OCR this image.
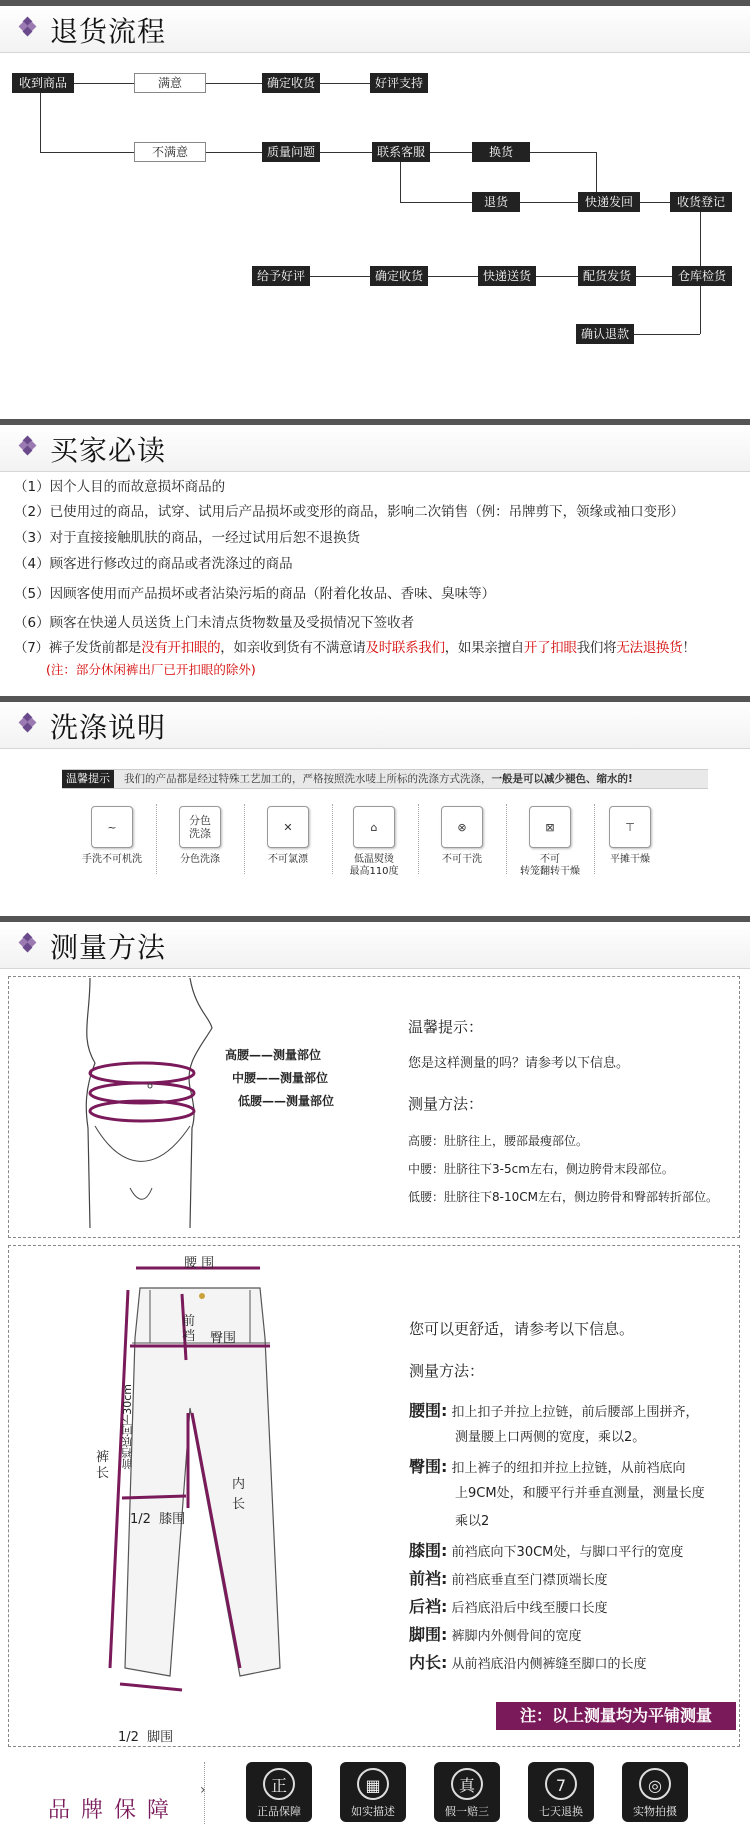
退货流程
收到商品	满意	确定收货	好评支持
不满意	质量问题	联系客服	换货
退货	快递发回	收货登记
给予好评	确定收货	快递送货	配货发货	仓库检货
确认退款
买家必读
（1）因个人目的而故意损坏商品的
（2）已使用过的商品，试穿、试用后产品损坏或变形的商品，影响二次销售（例：吊牌剪下，领缘或袖口变形）
（3）对于直接接触肌肤的商品，一经过试用后恕不退换货
（4）顾客进行修改过的商品或者洗涤过的商品
（5）因顾客使用而产品损坏或者沾染污垢的商品（附着化妆品、香味、臭味等）
（6）顾客在快递人员送货上门未清点货物数量及受损情况下签收者
（7）裤子发货前都是没有开扣眼的，如亲收到货有不满意请及时联系我们，如果亲擅自开了扣眼我们将无法退换货！
(注：部分休闲裤出厂已开扣眼的除外)
洗涤说明
温馨提示	我们的产品都是经过特殊工艺加工的，严格按照洗水唛上所标的洗涤方式洗涤，一般是可以减少褪色、缩水的!
~
手洗不可机洗
分色
洗涤
分色洗涤
✕
不可氯漂
⌂
低温熨烫
最高110度
⊗
不可干洗
⊠
不可
转笼翻转干燥
⊤
平摊干燥
测量方法
高腰——测量部位
中腰——测量部位
低腰——测量部位
温馨提示：
您是这样测量的吗？请参考以下信息。
测量方法：
高腰：肚脐往上，腰部最瘦部位。
中腰：肚脐往下3-5cm左右，侧边胯骨末段部位。
低腰：肚脐往下8-10CM左右，侧边胯骨和臀部转折部位。
腰 围
前
裆 臀围
裤
长
前裆底向下30cm
内
长
1/2  膝围
1/2  脚围
您可以更舒适，请参考以下信息。
测量方法：
腰围: 扣上扣子并拉上拉链，前后腰部上围拼齐，
测量腰上口两侧的宽度，乘以2。
臀围: 扣上裤子的纽扣并拉上拉链，从前裆底向
上9CM处，和腰平行并垂直测量，测量长度
乘以2
膝围: 前裆底向下30CM处，与脚口平行的宽度
前裆: 前裆底垂直至门襟顶端长度
后裆: 后裆底沿后中线至腰口长度
脚围: 裤脚内外侧骨间的宽度
内长: 从前裆底沿内侧裤缝至脚口的长度
注：以上测量均为平铺测量
品 牌 保 障
›	正
正品保障
▦
如实描述
真
假一赔三
7
七天退换
◎
实物拍摄
